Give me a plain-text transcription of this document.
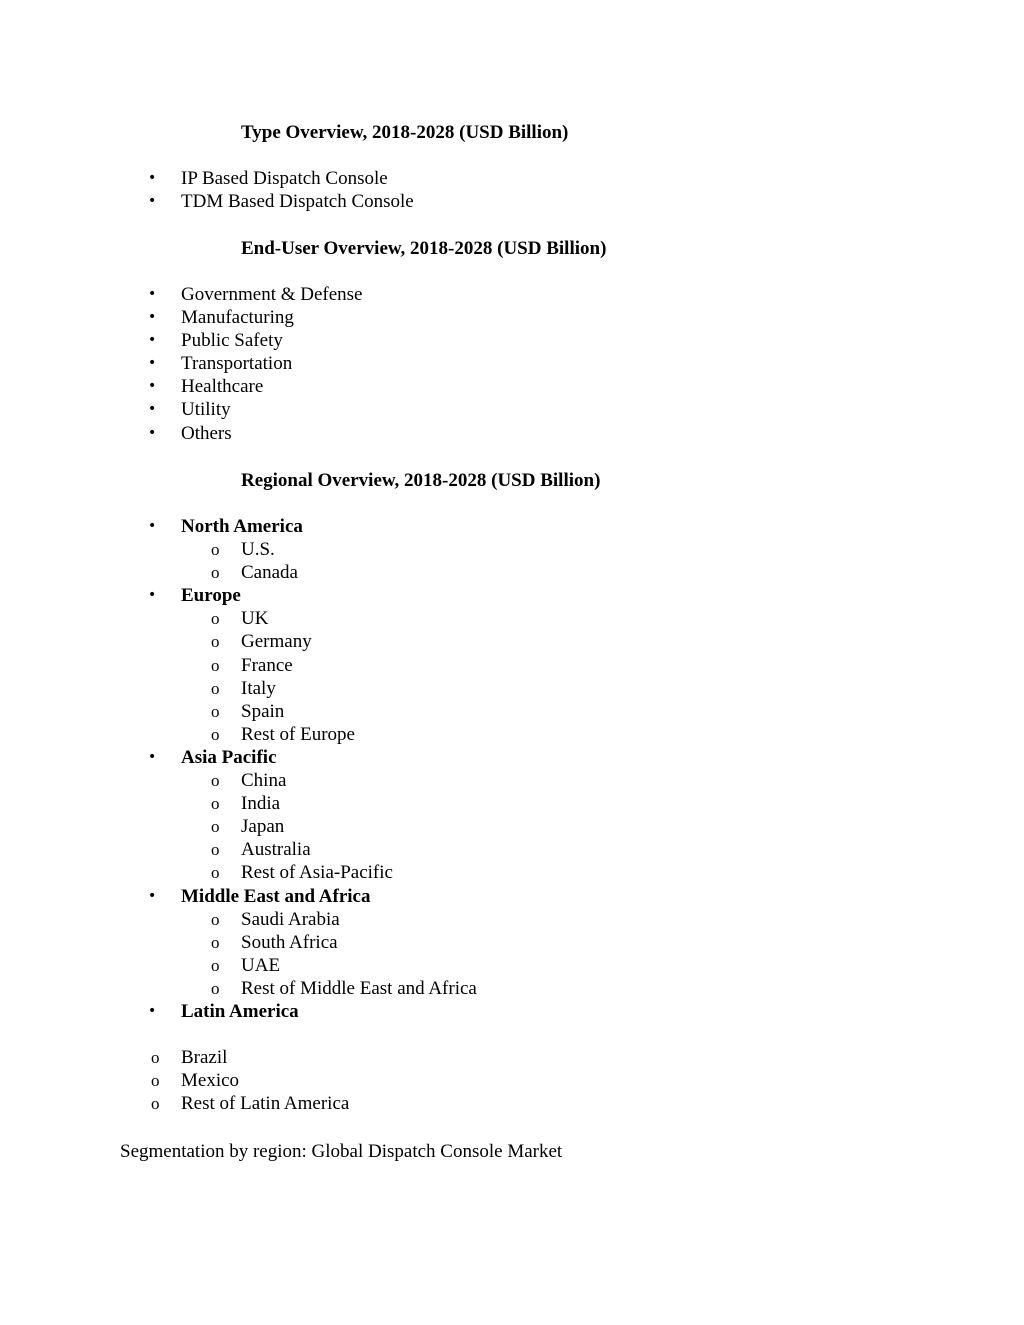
Type Overview, 2018-2028 (USD Billion)
• IP Based Dispatch Console
• TDM Based Dispatch Console
End-User Overview, 2018-2028 (USD Billion)
• Government & Defense
• Manufacturing
• Public Safety
• Transportation
• Healthcare
• Utility
• Others
Regional Overview, 2018-2028 (USD Billion)
• North America
o U.S.
o Canada
• Europe
o UK
o Germany
o France
o Italy
o Spain
o Rest of Europe
• Asia Pacific
o China
o India
o Japan
o Australia
o Rest of Asia-Pacific
• Middle East and Africa
o Saudi Arabia
o South Africa
o UAE
o Rest of Middle East and Africa
• Latin America
o Brazil
o Mexico
o Rest of Latin America
Segmentation by region: Global Dispatch Console Market
